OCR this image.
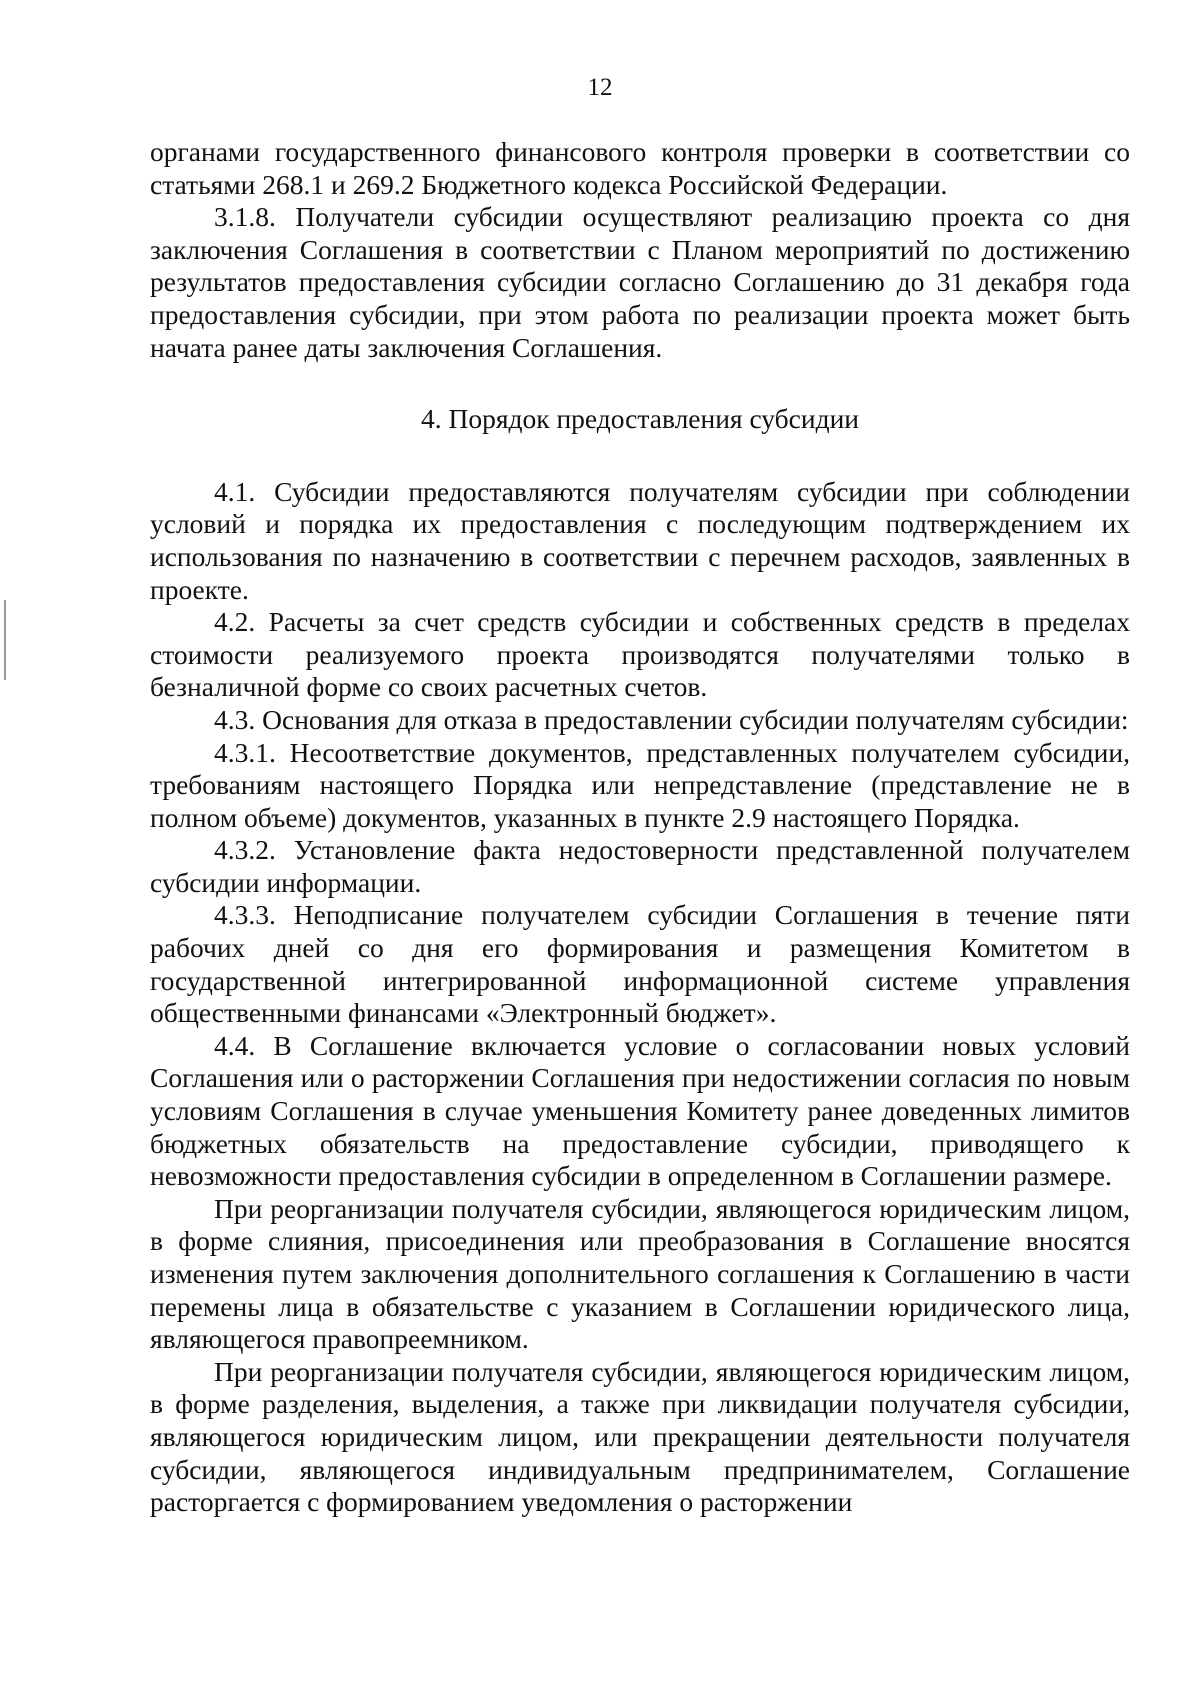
12

органами государственного финансового контроля проверки в соответствии со статьями 268.1 и 269.2 Бюджетного кодекса Российской Федерации.

3.1.8. Получатели субсидии осуществляют реализацию проекта со дня заключения Соглашения в соответствии с Планом мероприятий по достижению результатов предоставления субсидии согласно Соглашению до 31 декабря года предоставления субсидии, при этом работа по реализации проекта может быть начата ранее даты заключения Соглашения.

4. Порядок предоставления субсидии

4.1. Субсидии предоставляются получателям субсидии при соблюдении условий и порядка их предоставления с последующим подтверждением их использования по назначению в соответствии с перечнем расходов, заявленных в проекте.

4.2. Расчеты за счет средств субсидии и собственных средств в пределах стоимости реализуемого проекта производятся получателями только в безналичной форме со своих расчетных счетов.

4.3. Основания для отказа в предоставлении субсидии получателям субсидии:

4.3.1. Несоответствие документов, представленных получателем субсидии, требованиям настоящего Порядка или непредставление (представление не в полном объеме) документов, указанных в пункте 2.9 настоящего Порядка.

4.3.2. Установление факта недостоверности представленной получателем субсидии информации.

4.3.3. Неподписание получателем субсидии Соглашения в течение пяти рабочих дней со дня его формирования и размещения Комитетом в государственной интегрированной информационной системе управления общественными финансами «Электронный бюджет».

4.4. В Соглашение включается условие о согласовании новых условий Соглашения или о расторжении Соглашения при недостижении согласия по новым условиям Соглашения в случае уменьшения Комитету ранее доведенных лимитов бюджетных обязательств на предоставление субсидии, приводящего к невозможности предоставления субсидии в определенном в Соглашении размере.

При реорганизации получателя субсидии, являющегося юридическим лицом, в форме слияния, присоединения или преобразования в Соглашение вносятся изменения путем заключения дополнительного соглашения к Соглашению в части перемены лица в обязательстве с указанием в Соглашении юридического лица, являющегося правопреемником.

При реорганизации получателя субсидии, являющегося юридическим лицом, в форме разделения, выделения, а также при ликвидации получателя субсидии, являющегося юридическим лицом, или прекращении деятельности получателя субсидии, являющегося индивидуальным предпринимателем, Соглашение расторгается с формированием уведомления о расторжении
